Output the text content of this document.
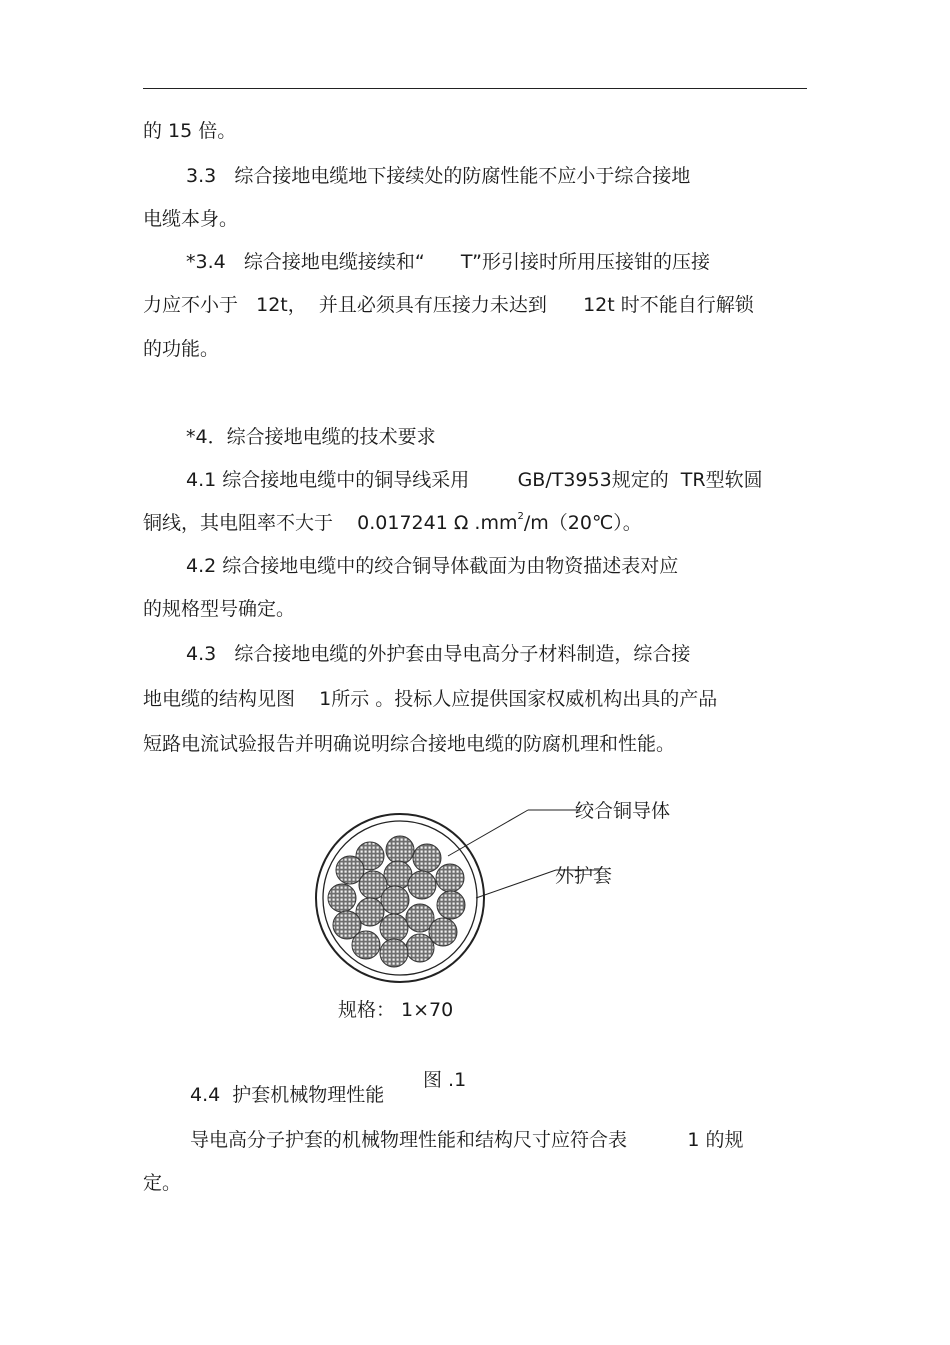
的 15 倍。
3.3   综合接地电缆地下接续处的防腐性能不应小于综合接地
电缆本身。
*3.4   综合接地电缆接续和“      T”形引接时所用压接钳的压接
力应不小于   12t，  并且必须具有压接力未达到      12t 时不能自行解锁
的功能。
*4．综合接地电缆的技术要求
4.1 综合接地电缆中的铜导线采用        GB/T3953规定的  TR型软圆
铜线，其电阻率不大于    0.017241 Ω $.mm^2/m(20℃)$。
4.2 综合接地电缆中的绞合铜导体截面为由物资描述表对应
的规格型号确定。
4.3   综合接地电缆的外护套由导电高分子材料制造，综合接
地电缆的结构见图    1所示 。投标人应提供国家权威机构出具的产品
短路电流试验报告并明确说明综合接地电缆的防腐机理和性能。
绞合铜导体
外护套
规格： 1×70
图 .1
4.4  护套机械物理性能
导电高分子护套的机械物理性能和结构尺寸应符合表          1 的规
定。
